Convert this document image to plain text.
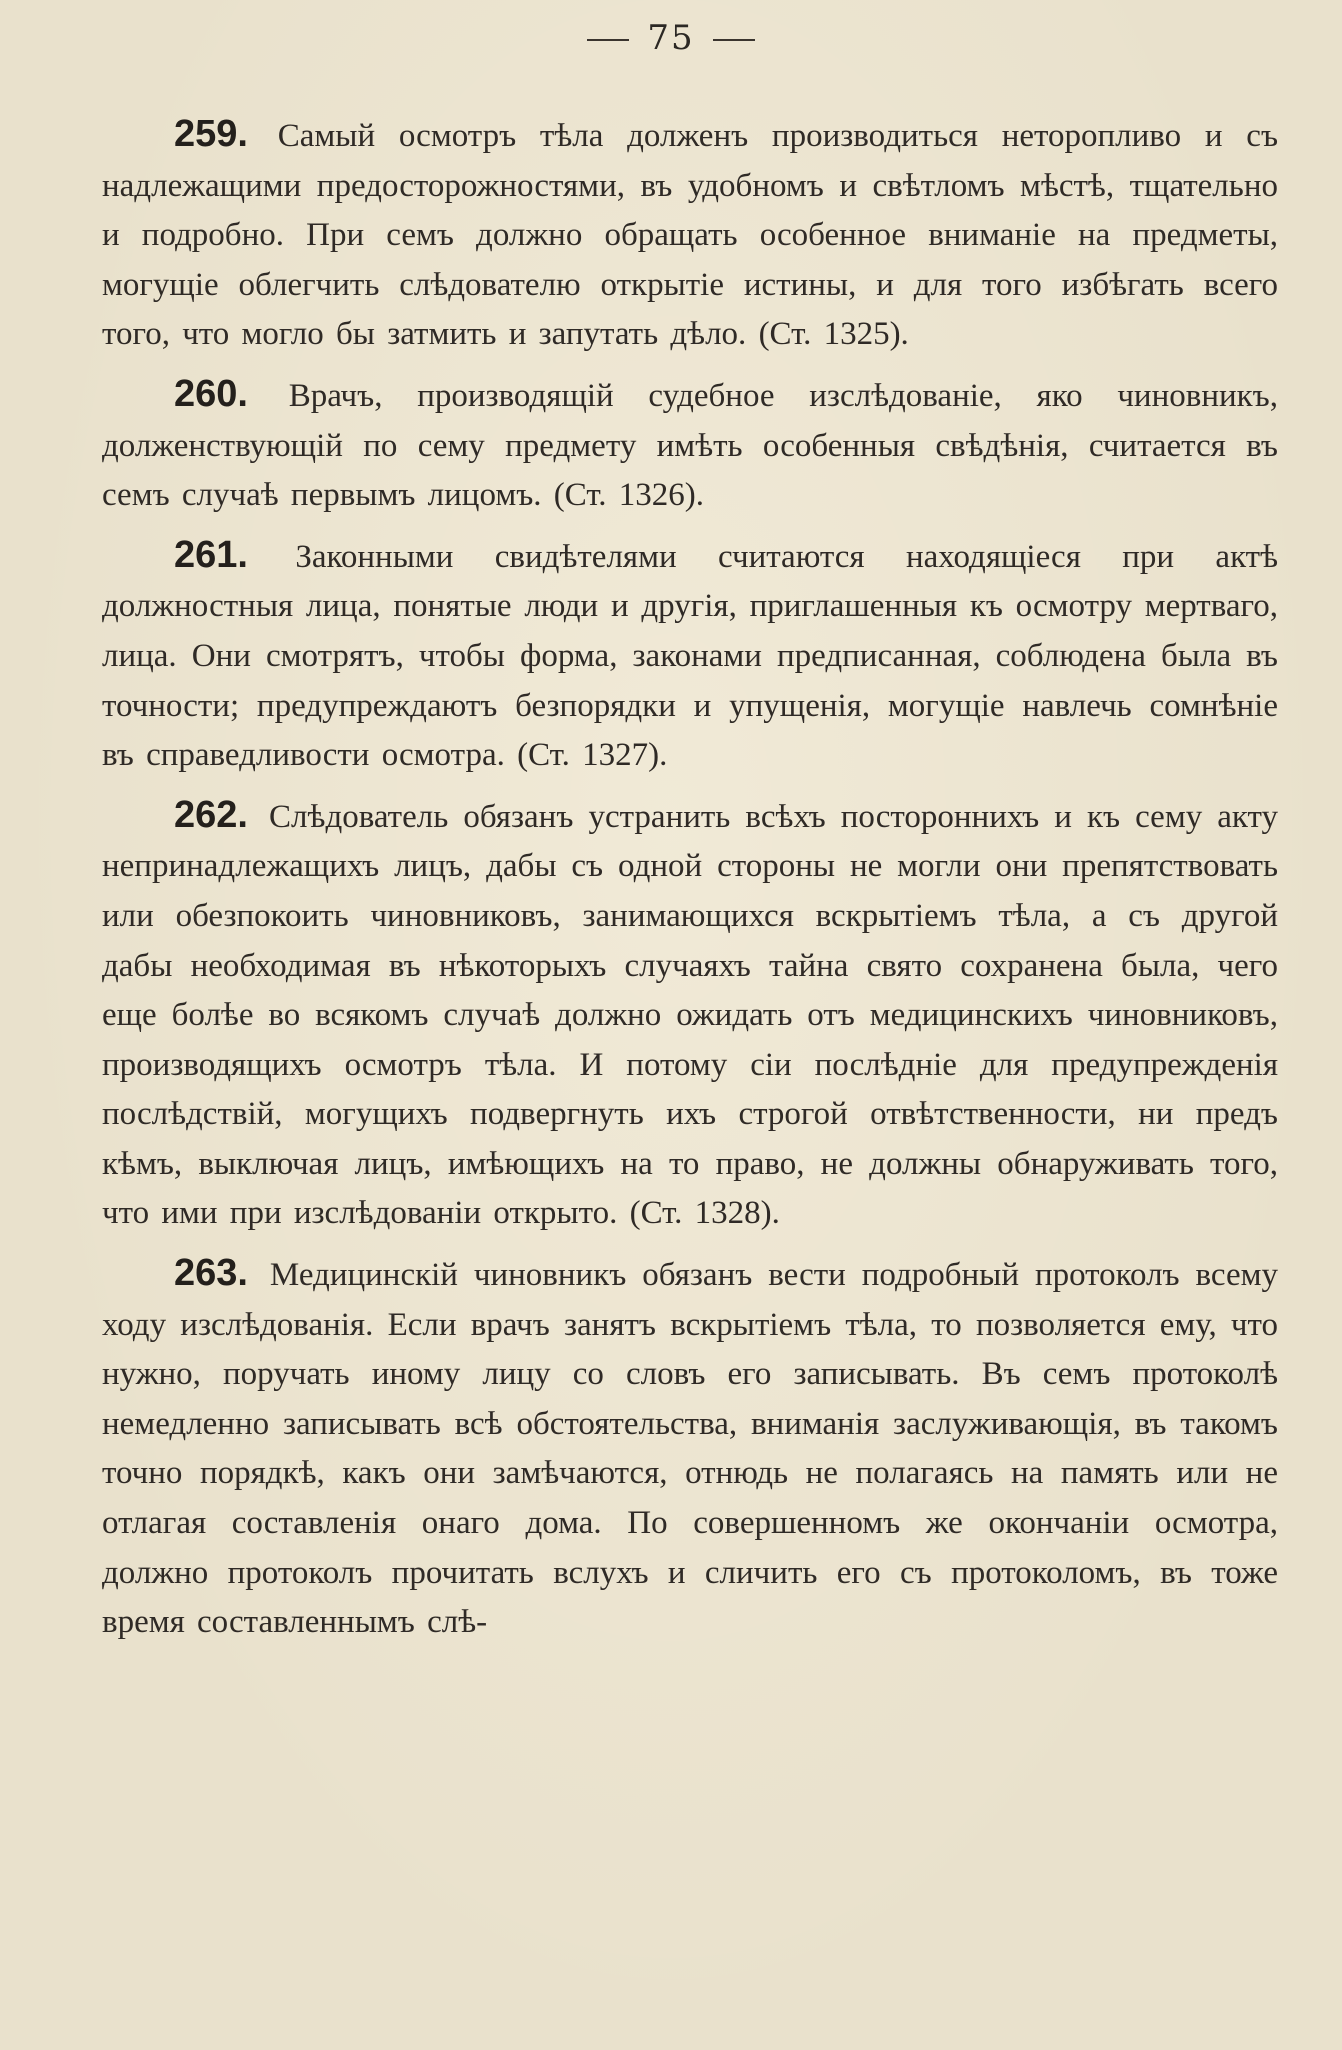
75

259. Самый осмотръ тѣла долженъ производиться неторопливо и съ надлежащими предосторожностями, въ удобномъ и свѣтломъ мѣстѣ, тщательно и подробно. При семъ должно обращать особенное вниманіе на предметы, могущіе облегчить слѣдователю открытіе истины, и для того избѣгать всего того, что могло бы затмить и запутать дѣло. (Ст. 1325).

260. Врачъ, производящій судебное изслѣдованіе, яко чиновникъ, долженствующій по сему предмету имѣть особенныя свѣдѣнія, считается въ семъ случаѣ первымъ лицомъ. (Ст. 1326).

261. Законными свидѣтелями считаются находящіеся при актѣ должностныя лица, понятые люди и другія, приглашенныя къ осмотру мертваго, лица. Они смотрятъ, чтобы форма, законами предписанная, соблюдена была въ точности; предупреждаютъ безпорядки и упущенія, могущіе навлечь сомнѣніе въ справедливости осмотра. (Ст. 1327).

262. Слѣдователь обязанъ устранить всѣхъ постороннихъ и къ сему акту непринадлежащихъ лицъ, дабы съ одной стороны не могли они препятствовать или обезпокоить чиновниковъ, занимающихся вскрытіемъ тѣла, а съ другой дабы необходимая въ нѣкоторыхъ случаяхъ тайна свято сохранена была, чего еще болѣе во всякомъ случаѣ должно ожидать отъ медицинскихъ чиновниковъ, производящихъ осмотръ тѣла. И потому сіи послѣдніе для предупрежденія послѣдствій, могущихъ подвергнуть ихъ строгой отвѣтственности, ни предъ кѣмъ, выключая лицъ, имѣющихъ на то право, не должны обнаруживать того, что ими при изслѣдованіи открыто. (Ст. 1328).

263. Медицинскій чиновникъ обязанъ вести подробный протоколъ всему ходу изслѣдованія. Если врачъ занятъ вскрытіемъ тѣла, то позволяется ему, что нужно, поручать иному лицу со словъ его записывать. Въ семъ протоколѣ немедленно записывать всѣ обстоятельства, вниманія заслуживающія, въ такомъ точно порядкѣ, какъ они замѣчаются, отнюдь не полагаясь на память или не отлагая составленія онаго дома. По совершенномъ же окончаніи осмотра, должно протоколъ прочитать вслухъ и сличить его съ протоколомъ, въ тоже время составленнымъ слѣ-
